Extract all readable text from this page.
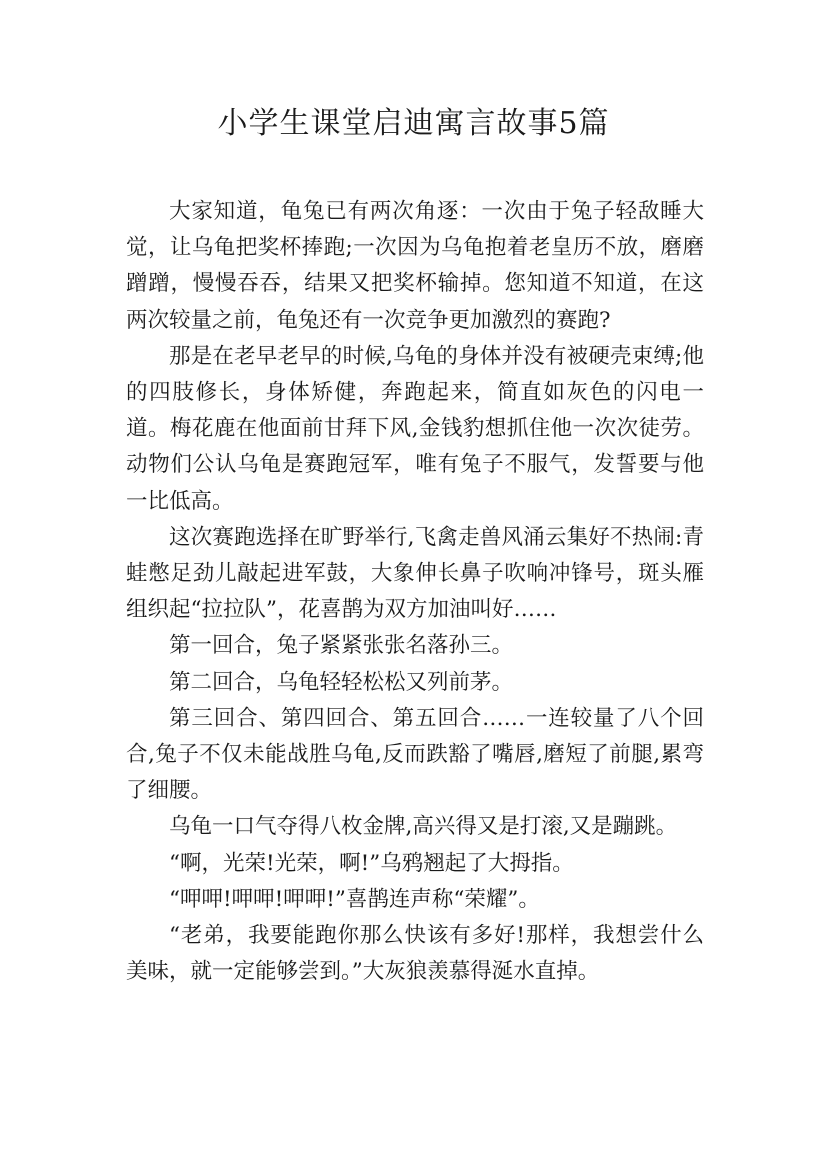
小学生课堂启迪寓言故事5篇

大家知道，龟兔已有两次角逐：一次由于兔子轻敌睡大觉，让乌龟把奖杯捧跑;一次因为乌龟抱着老皇历不放，磨磨蹭蹭，慢慢吞吞，结果又把奖杯输掉。您知道不知道，在这两次较量之前，龟兔还有一次竞争更加激烈的赛跑?

那是在老早老早的时候,乌龟的身体并没有被硬壳束缚;他的四肢修长，身体矫健，奔跑起来，简直如灰色的闪电一道。梅花鹿在他面前甘拜下风,金钱豹想抓住他一次次徒劳。动物们公认乌龟是赛跑冠军，唯有兔子不服气，发誓要与他一比低高。

这次赛跑选择在旷野举行,飞禽走兽风涌云集好不热闹:青蛙憋足劲儿敲起进军鼓，大象伸长鼻子吹响冲锋号，斑头雁组织起“拉拉队”，花喜鹊为双方加油叫好……

第一回合，兔子紧紧张张名落孙三。

第二回合，乌龟轻轻松松又列前茅。

第三回合、第四回合、第五回合……一连较量了八个回合,兔子不仅未能战胜乌龟,反而跌豁了嘴唇,磨短了前腿,累弯了细腰。

乌龟一口气夺得八枚金牌,高兴得又是打滚,又是蹦跳。

“啊，光荣!光荣，啊!”乌鸦翘起了大拇指。

“呷呷!呷呷!呷呷!”喜鹊连声称“荣耀”。

“老弟，我要能跑你那么快该有多好!那样，我想尝什么美味，就一定能够尝到。”大灰狼羡慕得涎水直掉。
